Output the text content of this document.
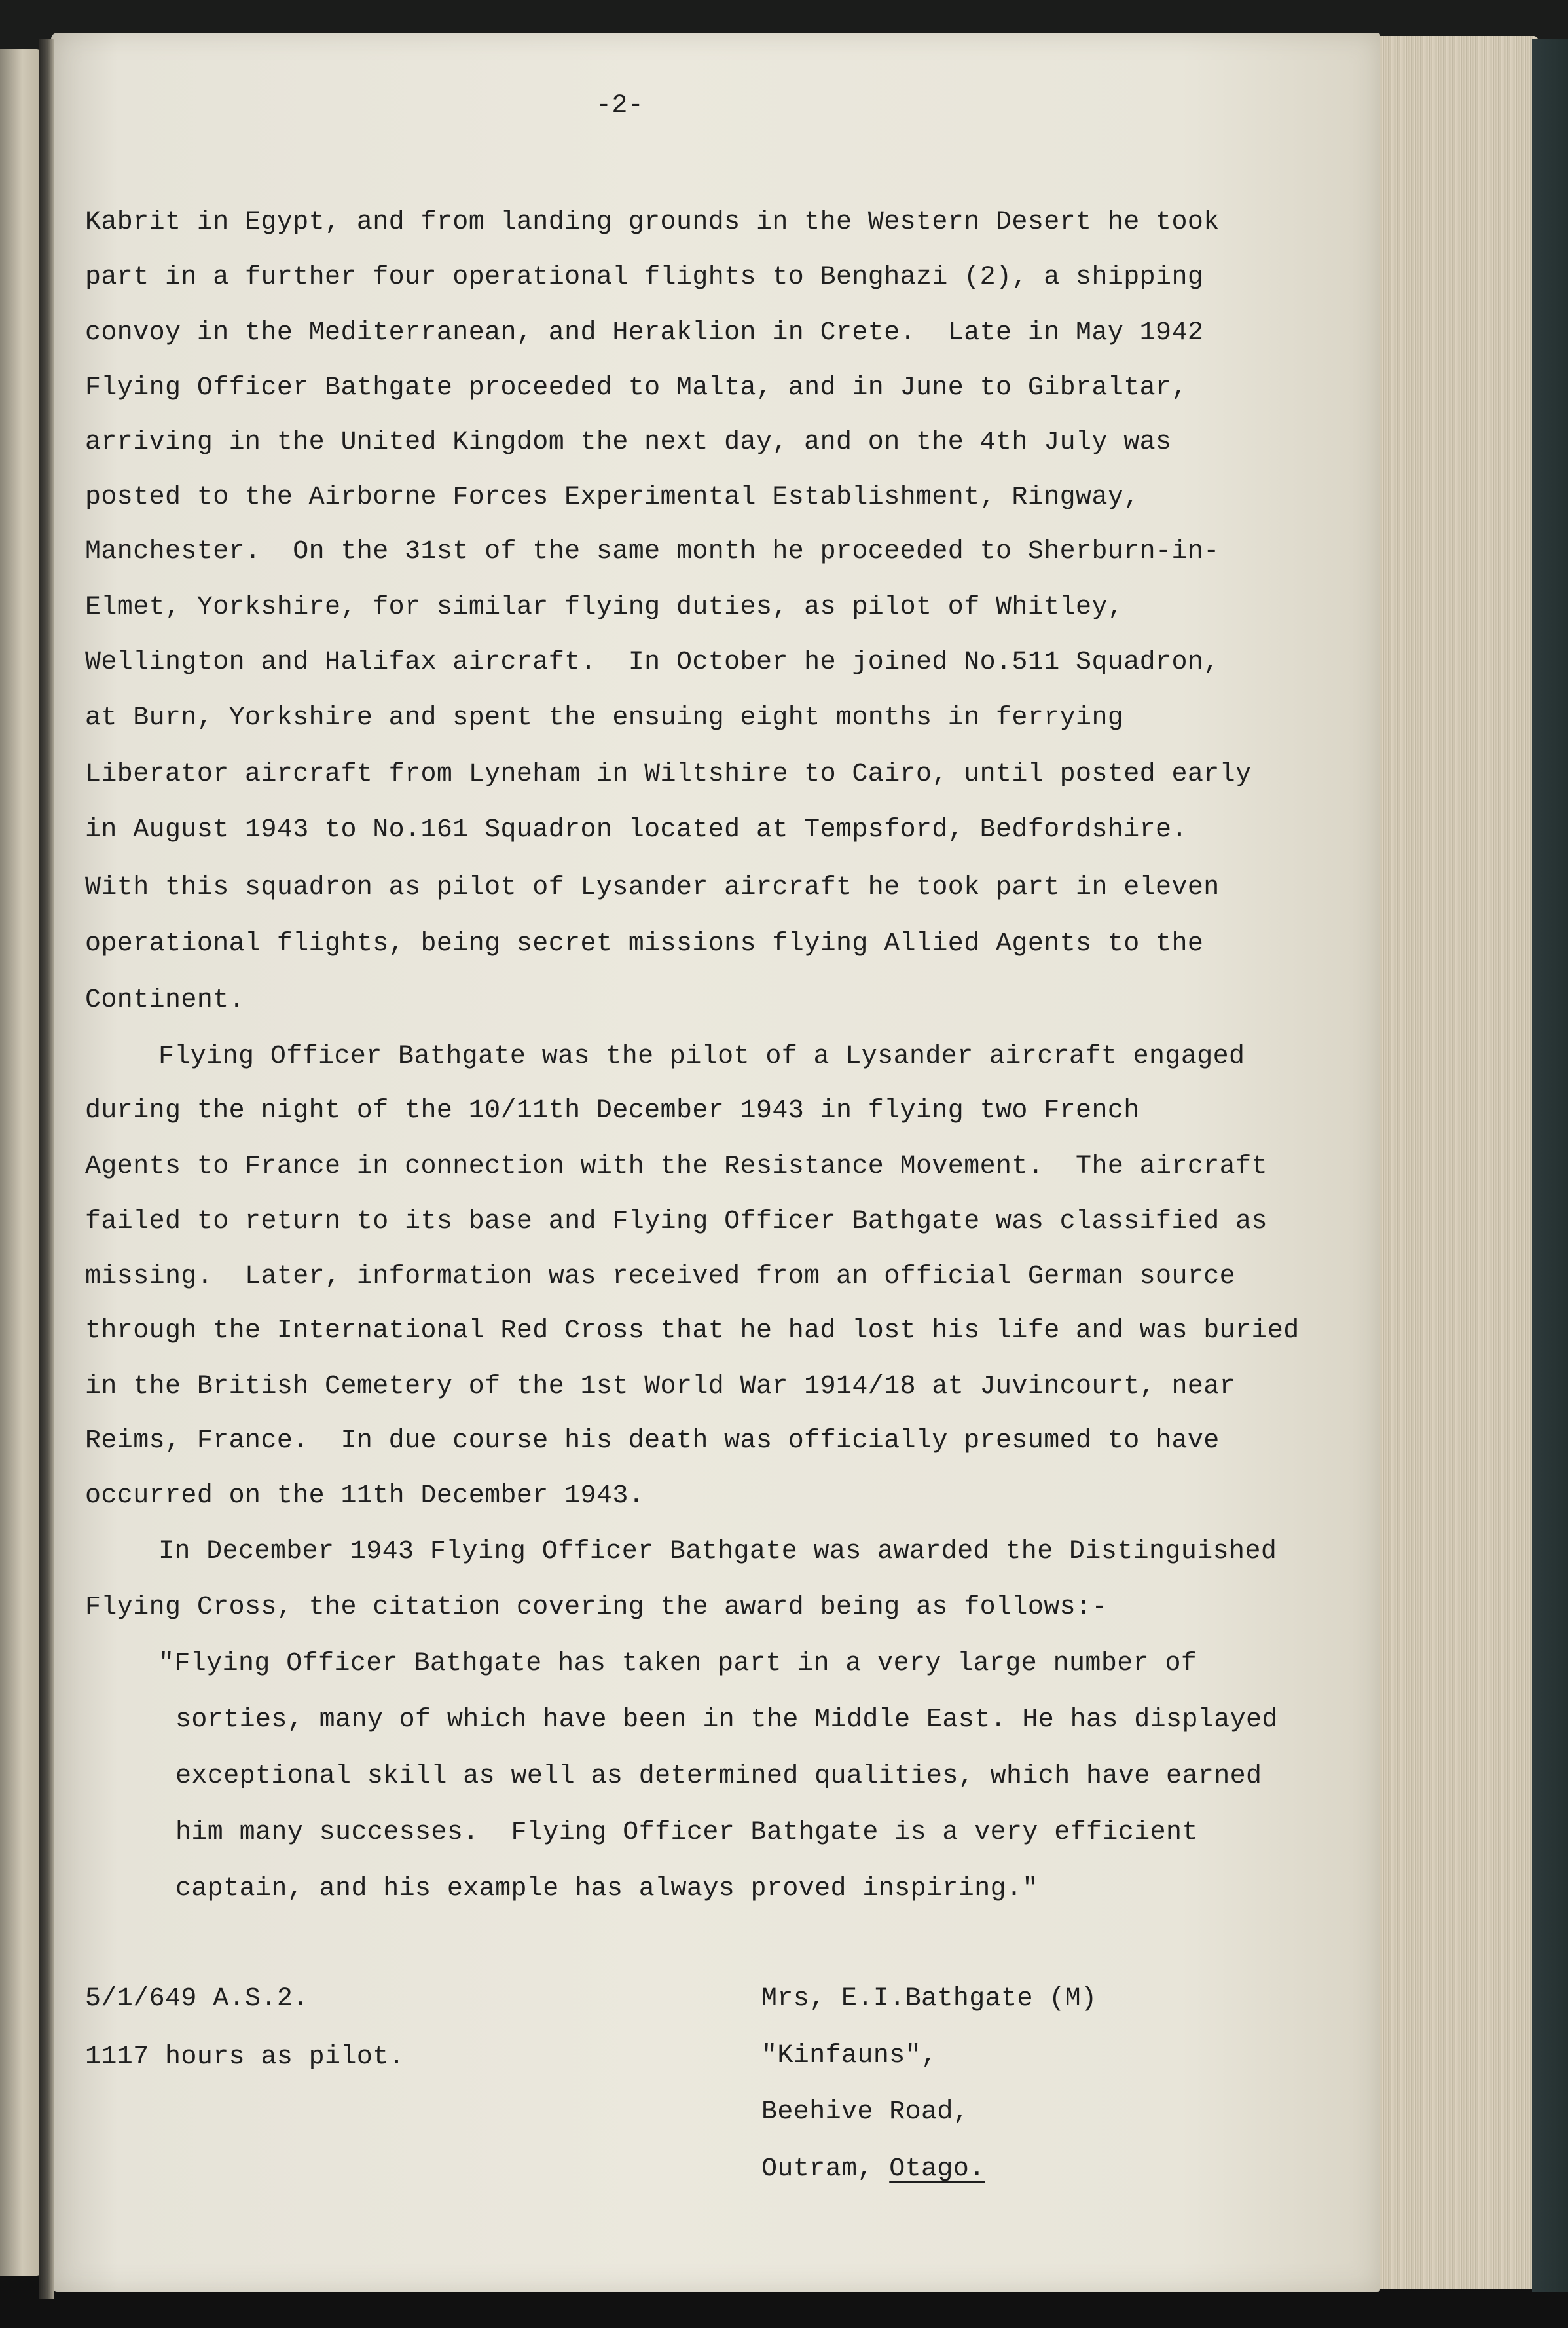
-2-
Kabrit in Egypt, and from landing grounds in the Western Desert he took
part in a further four operational flights to Benghazi (2), a shipping
convoy in the Mediterranean, and Heraklion in Crete.  Late in May 1942
Flying Officer Bathgate proceeded to Malta, and in June to Gibraltar,
arriving in the United Kingdom the next day, and on the 4th July was
posted to the Airborne Forces Experimental Establishment, Ringway,
Manchester.  On the 31st of the same month he proceeded to Sherburn-in-
Elmet, Yorkshire, for similar flying duties, as pilot of Whitley,
Wellington and Halifax aircraft.  In October he joined No.511 Squadron,
at Burn, Yorkshire and spent the ensuing eight months in ferrying
Liberator aircraft from Lyneham in Wiltshire to Cairo, until posted early
in August 1943 to No.161 Squadron located at Tempsford, Bedfordshire.
With this squadron as pilot of Lysander aircraft he took part in eleven
operational flights, being secret missions flying Allied Agents to the
Continent.
Flying Officer Bathgate was the pilot of a Lysander aircraft engaged
during the night of the 10/11th December 1943 in flying two French
Agents to France in connection with the Resistance Movement.  The aircraft
failed to return to its base and Flying Officer Bathgate was classified as
missing.  Later, information was received from an official German source
through the International Red Cross that he had lost his life and was buried
in the British Cemetery of the 1st World War 1914/18 at Juvincourt, near
Reims, France.  In due course his death was officially presumed to have
occurred on the 11th December 1943.
In December 1943 Flying Officer Bathgate was awarded the Distinguished
Flying Cross, the citation covering the award being as follows:-
"Flying Officer Bathgate has taken part in a very large number of
sorties, many of which have been in the Middle East. He has displayed
exceptional skill as well as determined qualities, which have earned
him many successes.  Flying Officer Bathgate is a very efficient
captain, and his example has always proved inspiring."
5/1/649 A.S.2.
1117 hours as pilot.
Mrs, E.I.Bathgate (M)
"Kinfauns",
Beehive Road,
Outram, Otago.
